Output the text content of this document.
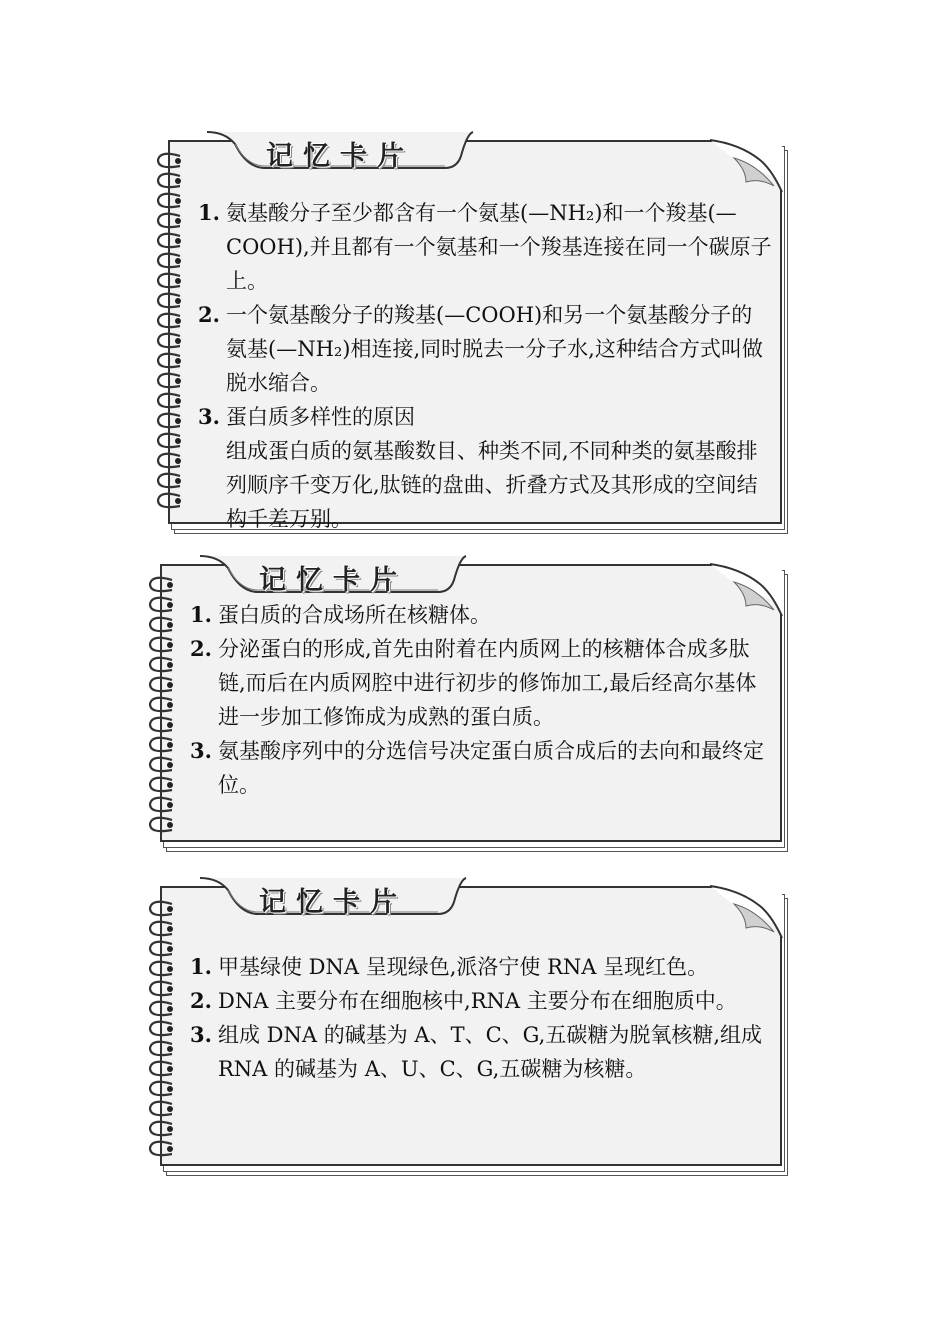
记忆卡片
1. 氨基酸分子至少都含有一个氨基(—NH₂)和一个羧基(—COOH),并且都有一个氨基和一个羧基连接在同一个碳原子上。
2. 一个氨基酸分子的羧基(—COOH)和另一个氨基酸分子的氨基(—NH₂)相连接,同时脱去一分子水,这种结合方式叫做脱水缩合。
3. 蛋白质多样性的原因
组成蛋白质的氨基酸数目、种类不同,不同种类的氨基酸排列顺序千变万化,肽链的盘曲、折叠方式及其形成的空间结构千差万别。
记忆卡片
1. 蛋白质的合成场所在核糖体。
2. 分泌蛋白的形成,首先由附着在内质网上的核糖体合成多肽链,而后在内质网腔中进行初步的修饰加工,最后经高尔基体进一步加工修饰成为成熟的蛋白质。
3. 氨基酸序列中的分选信号决定蛋白质合成后的去向和最终定位。
记忆卡片
1. 甲基绿使 DNA 呈现绿色,派洛宁使 RNA 呈现红色。
2. DNA 主要分布在细胞核中,RNA 主要分布在细胞质中。
3. 组成 DNA 的碱基为 A、T、C、G,五碳糖为脱氧核糖,组成 RNA 的碱基为 A、U、C、G,五碳糖为核糖。
